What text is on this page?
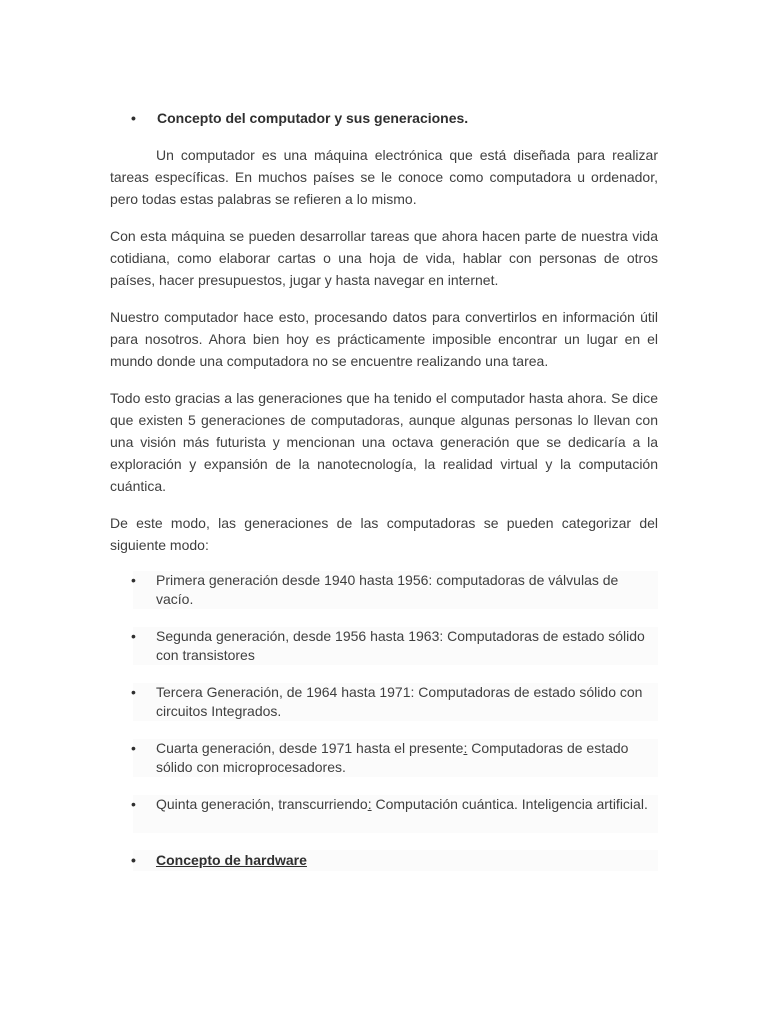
• Concepto del computador y sus generaciones.

Un computador es una máquina electrónica que está diseñada para realizar tareas específicas. En muchos países se le conoce como computadora u ordenador, pero todas estas palabras se refieren a lo mismo.

Con esta máquina se pueden desarrollar tareas que ahora hacen parte de nuestra vida cotidiana, como elaborar cartas o una hoja de vida, hablar con personas de otros países, hacer presupuestos, jugar y hasta navegar en internet.

Nuestro computador hace esto, procesando datos para convertirlos en información útil para nosotros. Ahora bien hoy es prácticamente imposible encontrar un lugar en el mundo donde una computadora no se encuentre realizando una tarea.

Todo esto gracias a las generaciones que ha tenido el computador hasta ahora. Se dice que existen 5 generaciones de computadoras, aunque algunas personas lo llevan con una visión más futurista y mencionan una octava generación que se dedicaría a la exploración y expansión de la nanotecnología, la realidad virtual y la computación cuántica.

De este modo, las generaciones de las computadoras se pueden categorizar del siguiente modo:

• Primera generación desde 1940 hasta 1956: computadoras de válvulas de vacío.
• Segunda generación, desde 1956 hasta 1963: Computadoras de estado sólido con transistores
• Tercera Generación, de 1964 hasta 1971: Computadoras de estado sólido con circuitos Integrados.
• Cuarta generación, desde 1971 hasta el presente: Computadoras de estado sólido con microprocesadores.
• Quinta generación, transcurriendo: Computación cuántica. Inteligencia artificial.
• Concepto de hardware
